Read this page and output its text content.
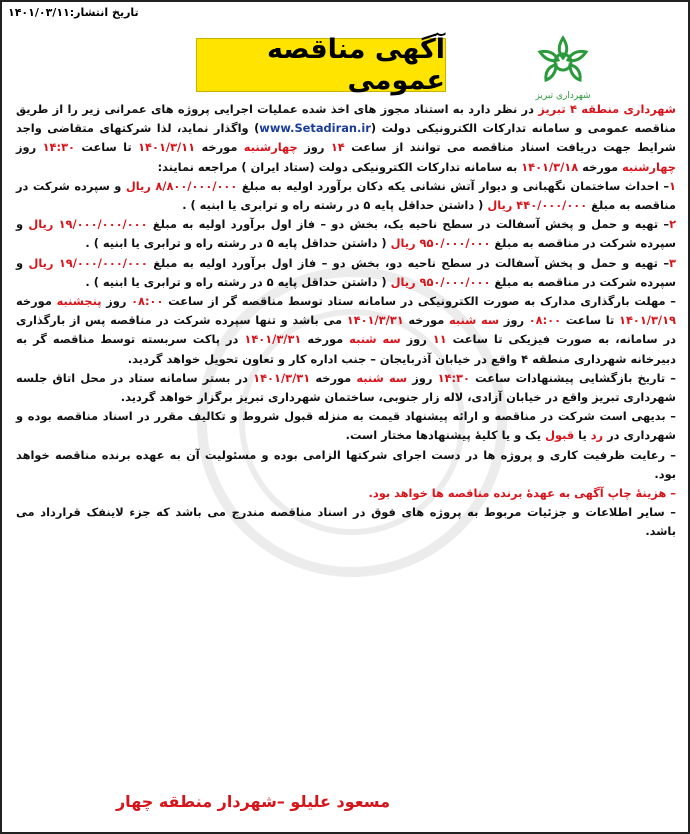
تاریخ انتشار:۱۴۰۱/۰۳/۱۱
آگهی مناقصه عمومی	شهرداری تبریز

شهرداری منطقه ۴ تبریز در نظر دارد به استناد مجوز های اخذ شده عملیات اجرایی پروژه های عمرانی زیر را از طریق مناقصه عمومی و سامانه تدارکات الکترونیکی دولت (www.Setadiran.ir) واگذار نماید، لذا شرکتهای متقاضی واجد شرایط جهت دریافت اسناد مناقصه می توانند از ساعت ۱۴ روز چهارشنبه مورخه ۱۴۰۱/۳/۱۱ تا ساعت ۱۴:۳۰ روز چهارشنبه مورخه ۱۴۰۱/۳/۱۸ به سامانه تدارکات الکترونیکی دولت (ستاد ایران ) مراجعه نمایند:

۱– احداث ساختمان نگهبانی و دیوار آتش نشانی یکه دکان برآورد اولیه به مبلغ ۸/۸۰۰/۰۰۰/۰۰۰ ریال و سپرده شرکت در مناقصه به مبلغ ۴۴۰/۰۰۰/۰۰۰ ریال ( داشتن حداقل پایه ۵ در رشته راه و ترابری یا ابنیه ) .

۲– تهیه و حمل و پخش آسفالت در سطح ناحیه یک، بخش دو – فاز اول برآورد اولیه به مبلغ ۱۹/۰۰۰/۰۰۰/۰۰۰ ریال و سپرده شرکت در مناقصه به مبلغ ۹۵۰/۰۰۰/۰۰۰ ریال ( داشتن حداقل پایه ۵ در رشته راه و ترابری یا ابنیه ) .

۳– تهیه و حمل و پخش آسفالت در سطح ناحیه دو، بخش دو – فاز اول برآورد اولیه به مبلغ ۱۹/۰۰۰/۰۰۰/۰۰۰ ریال و سپرده شرکت در مناقصه به مبلغ ۹۵۰/۰۰۰/۰۰۰ ریال ( داشتن حداقل پایه ۵ در رشته راه و ترابری یا ابنیه ) .

– مهلت بارگذاری مدارک به صورت الکترونیکی در سامانه ستاد توسط مناقصه گر از ساعت ۰۸:۰۰ روز پنجشنبه مورخه ۱۴۰۱/۳/۱۹ تا ساعت ۰۸:۰۰ روز سه شنبه مورخه ۱۴۰۱/۳/۳۱ می باشد و تنها سپرده شرکت در مناقصه پس از بارگذاری در سامانه، به صورت فیزیکی تا ساعت ۱۱ روز سه شنبه مورخه ۱۴۰۱/۳/۳۱ در پاکت سربسته توسط مناقصه گر به دبیرخانه شهرداری منطقه ۴ واقع در خیابان آذربایجان – جنب اداره کار و تعاون تحویل خواهد گردید.

– تاریخ بازگشایی پیشنهادات ساعت ۱۴:۳۰ روز سه شنبه مورخه ۱۴۰۱/۳/۳۱ در بستر سامانه ستاد در محل اتاق جلسه شهرداری تبریز واقع در خیابان آزادی، لاله زار جنوبی، ساختمان شهرداری تبریز برگزار خواهد گردید.

– بدیهی است شرکت در مناقصه و ارائه پیشنهاد قیمت به منزله قبول شروط و تکالیف مقرر در اسناد مناقصه بوده و شهرداری در رد یا قبول یک و یا کلیهٔ پیشنهادها مختار است.

– رعایت ظرفیت کاری و پروژه ها در دست اجرای شرکتها الزامی بوده و مسئولیت آن به عهده برنده مناقصه خواهد بود.

– هزینهٔ چاپ آگهی به عهدهٔ برنده مناقصه ها خواهد بود.

– سایر اطلاعات و جزئیات مربوط به پروژه های فوق در اسناد مناقصه مندرج می باشد که جزء لاینفک قرارداد می باشد.

مسعود علیلو –شهردار منطقه چهار
